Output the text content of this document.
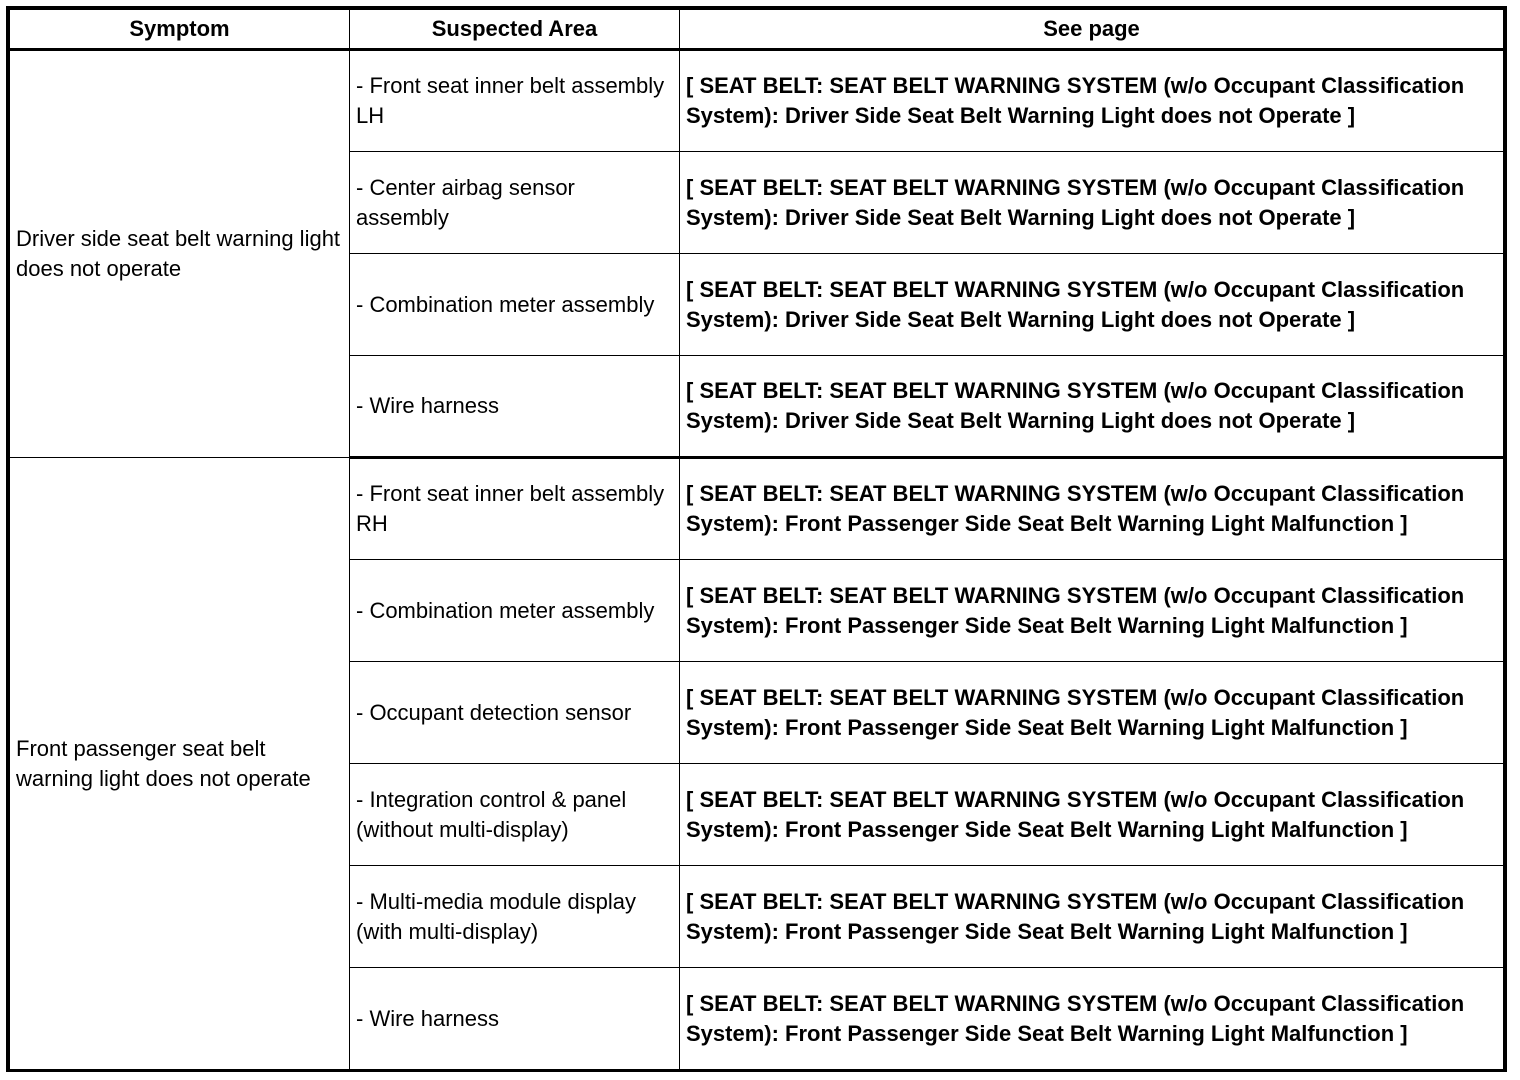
Symptom	Suspected Area	See page
Driver side seat belt warning light does not operate	- Front seat inner belt assembly LH	[ SEAT BELT: SEAT BELT WARNING SYSTEM (w/o Occupant Classification System): Driver Side Seat Belt Warning Light does not Operate ]
	- Center airbag sensor assembly	[ SEAT BELT: SEAT BELT WARNING SYSTEM (w/o Occupant Classification System): Driver Side Seat Belt Warning Light does not Operate ]
	- Combination meter assembly	[ SEAT BELT: SEAT BELT WARNING SYSTEM (w/o Occupant Classification System): Driver Side Seat Belt Warning Light does not Operate ]
	- Wire harness	[ SEAT BELT: SEAT BELT WARNING SYSTEM (w/o Occupant Classification System): Driver Side Seat Belt Warning Light does not Operate ]
Front passenger seat belt warning light does not operate	- Front seat inner belt assembly RH	[ SEAT BELT: SEAT BELT WARNING SYSTEM (w/o Occupant Classification System): Front Passenger Side Seat Belt Warning Light Malfunction ]
	- Combination meter assembly	[ SEAT BELT: SEAT BELT WARNING SYSTEM (w/o Occupant Classification System): Front Passenger Side Seat Belt Warning Light Malfunction ]
	- Occupant detection sensor	[ SEAT BELT: SEAT BELT WARNING SYSTEM (w/o Occupant Classification System): Front Passenger Side Seat Belt Warning Light Malfunction ]
	- Integration control & panel (without multi-display)	[ SEAT BELT: SEAT BELT WARNING SYSTEM (w/o Occupant Classification System): Front Passenger Side Seat Belt Warning Light Malfunction ]
	- Multi-media module display (with multi-display)	[ SEAT BELT: SEAT BELT WARNING SYSTEM (w/o Occupant Classification System): Front Passenger Side Seat Belt Warning Light Malfunction ]
	- Wire harness	[ SEAT BELT: SEAT BELT WARNING SYSTEM (w/o Occupant Classification System): Front Passenger Side Seat Belt Warning Light Malfunction ]
